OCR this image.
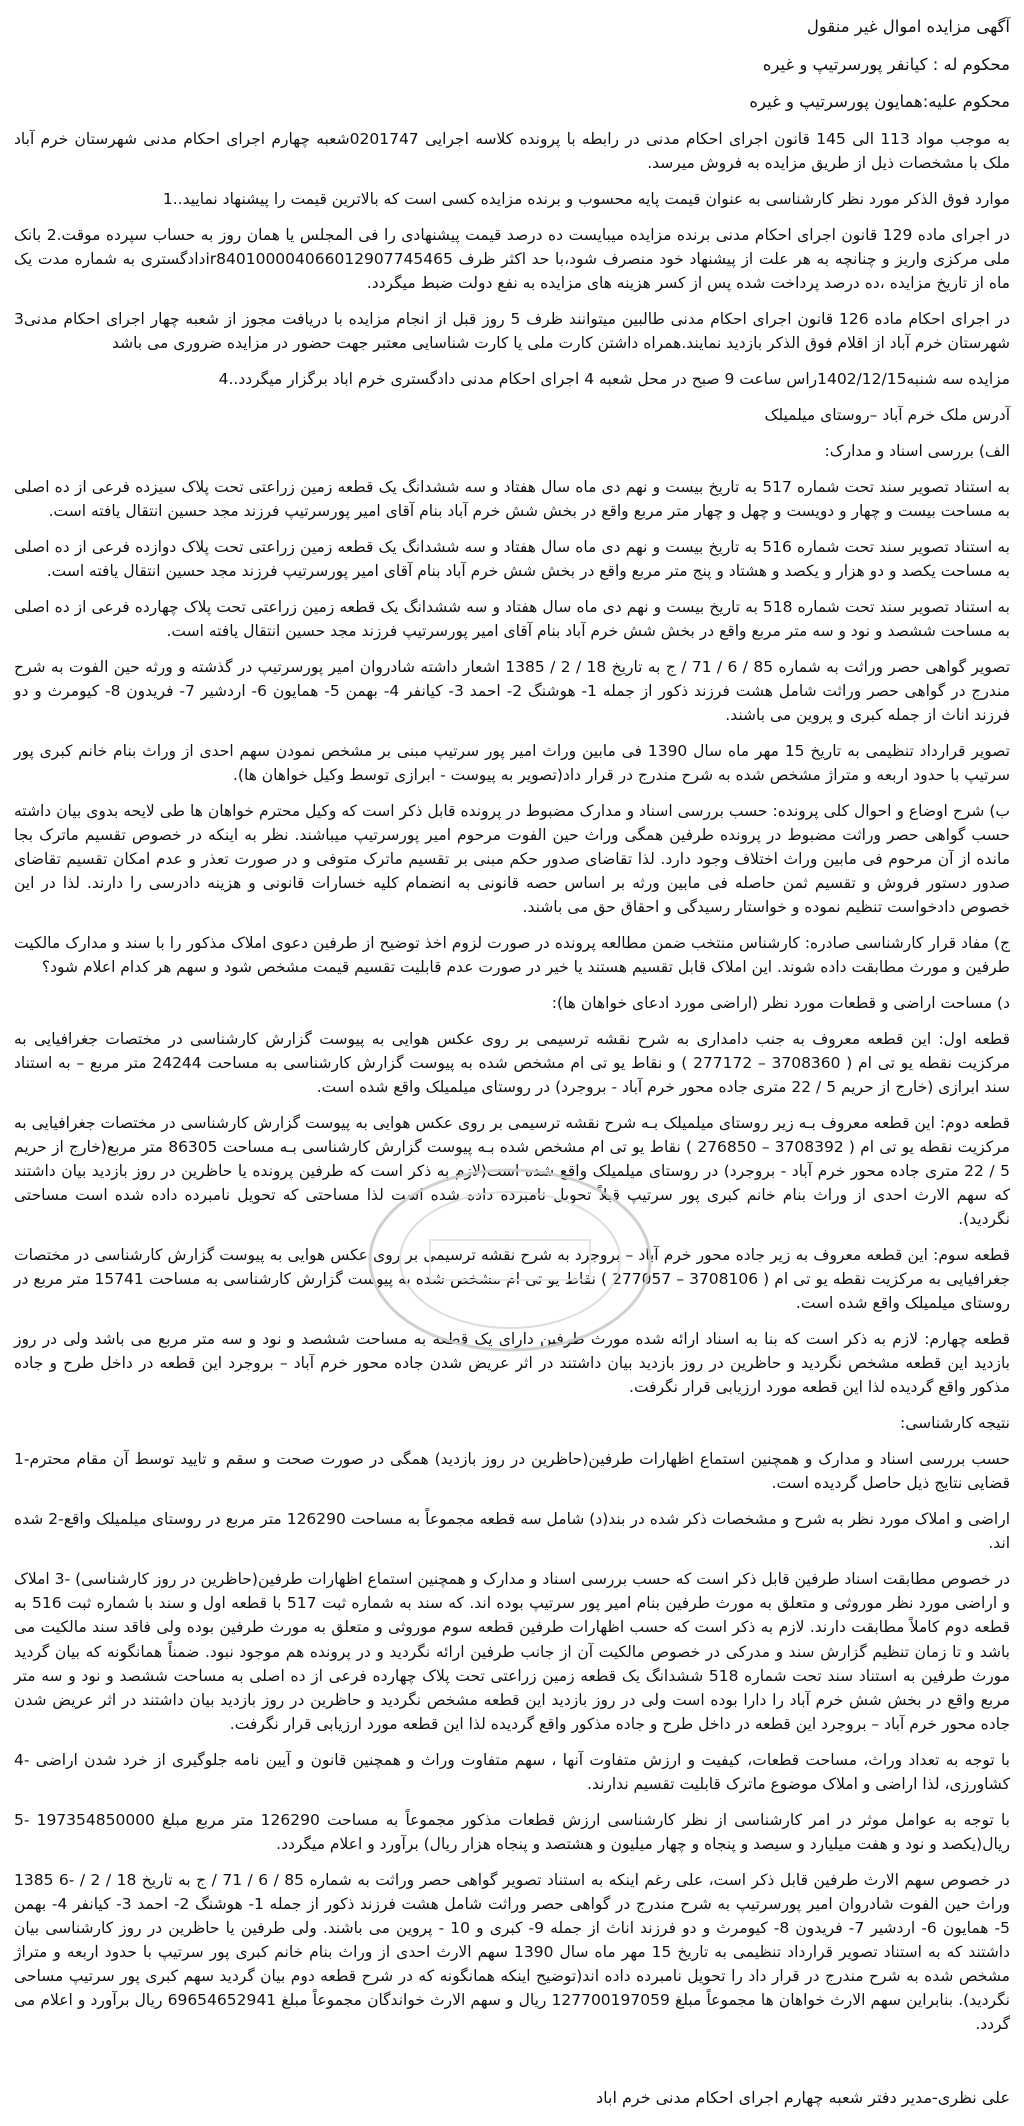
آگهی مزایده اموال غیر منقول

محکوم له : کیانفر پورسرتیپ و غیره

محکوم علیه:همایون پورسرتیپ و غیره

به موجب مواد 113 الی 145 قانون اجرای احکام مدنی در رابطه با پرونده کلاسه اجرایی 0201747شعبه چهارم اجرای احکام مدنی شهرستان خرم آباد ملک با مشخصات ذیل از طریق مزایده به فروش میرسد.

موارد فوق الذکر مورد نظر کارشناسی به عنوان قیمت پایه محسوب و برنده مزایده کسی است که بالاترین قیمت را پیشنهاد نمایید..1

در اجرای ماده 129 قانون اجرای احکام مدنی برنده مزایده میبایست ده درصد قیمت پیشنهادی را فی المجلس یا همان روز به حساب سپرده موقت.2 بانک ملی مرکزی واریز و چنانچه به هر علت از پیشنهاد خود منصرف شود،با حد اکثر ظرف ir840100004066012907745465دادگستری به شماره مدت یک ماه از تاریخ مزایده ،ده درصد پرداخت شده پس از کسر هزینه های مزایده به نفع دولت ضبط میگردد.

در اجرای احکام ماده 126 قانون اجرای احکام مدنی طالبین میتوانند ظرف 5 روز قبل از انجام مزایده با دریافت مجوز از شعبه چهار اجرای احکام مدنی3 شهرستان خرم آباد از اقلام فوق الذکر بازدید نمایند.همراه داشتن کارت ملی یا کارت شناسایی معتبر جهت حضور در مزایده ضروری می باشد

مزایده سه شنبه1402/12/15راس ساعت 9 صبح در محل شعبه 4 اجرای احکام مدنی دادگستری خرم اباد برگزار میگردد..4

آدرس ملک خرم آباد –روستای میلمیلک

الف) بررسی اسناد و مدارک:

به استناد تصویر سند تحت شماره 517 به تاریخ بیست و نهم دی ماه سال هفتاد و سه ششدانگ یک قطعه زمین زراعتی تحت پلاک سیزده فرعی از ده اصلی به مساحت بیست و چهار و دویست و چهل و چهار متر مربع واقع در بخش شش خرم آباد بنام آقای امیر پورسرتیپ فرزند مجد حسین انتقال یافته است.

به استناد تصویر سند تحت شماره 516 به تاریخ بیست و نهم دی ماه سال هفتاد و سه ششدانگ یک قطعه زمین زراعتی تحت پلاک دوازده فرعی از ده اصلی به مساحت یکصد و دو هزار و یکصد و هشتاد و پنج متر مربع واقع در بخش شش خرم آباد بنام آقای امیر پورسرتیپ فرزند مجد حسین انتقال یافته است.

به استناد تصویر سند تحت شماره 518 به تاریخ بیست و نهم دی ماه سال هفتاد و سه ششدانگ یک قطعه زمین زراعتی تحت پلاک چهارده فرعی از ده اصلی به مساحت ششصد و نود و سه متر مربع واقع در بخش شش خرم آباد بنام آقای امیر پورسرتیپ فرزند مجد حسین انتقال یافته است.

تصویر گواهی حصر وراثت به شماره 85 / 6 / 71 / ج به تاریخ 18 / 2 / 1385 اشعار داشته شادروان امیر پورسرتیپ در گذشته و ورثه حین الفوت به شرح مندرج در گواهی حصر وراثت شامل هشت فرزند ذکور از جمله 1- هوشنگ 2- احمد 3- کیانفر 4- بهمن 5- همایون 6- اردشیر 7- فریدون 8- کیومرث و دو فرزند اناث از جمله کبری و پروین می باشند.

تصویر قرارداد تنظیمی به تاریخ 15 مهر ماه سال 1390 فی مابین وراث امیر پور سرتیپ مبنی بر مشخص نمودن سهم احدی از وراث بنام خانم کبری پور سرتیپ با حدود اربعه و متراژ مشخص شده به شرح مندرج در قرار داد(تصویر به پیوست - ابرازی توسط وکیل خواهان ها).

ب) شرح اوضاع و احوال کلی پرونده: حسب بررسی اسناد و مدارک مضبوط در پرونده قابل ذکر است که وکیل محترم خواهان ها طی لایحه بدوی بیان داشته حسب گواهی حصر وراثت مضبوط در پرونده طرفین همگی وراث حین الفوت مرحوم امیر پورسرتیپ میباشند. نظر به اینکه در خصوص تقسیم ماترک بجا مانده از آن مرحوم فی مابین وراث اختلاف وجود دارد. لذا تقاضای صدور حکم مبنی بر تقسیم ماترک متوفی و در صورت تعذر و عدم امکان تقسیم تقاضای صدور دستور فروش و تقسیم ثمن حاصله فی مابین ورثه بر اساس حصه قانونی به انضمام کلیه خسارات قانونی و هزینه دادرسی را دارند. لذا در این خصوص دادخواست تنظیم نموده و خواستار رسیدگی و احقاق حق می باشند.

ج) مفاد قرار کارشناسی صادره: کارشناس منتخب ضمن مطالعه پرونده در صورت لزوم اخذ توضیح از طرفین دعوی املاک مذکور را با سند و مدارک مالکیت طرفین و مورث مطابقت داده شوند. این املاک قابل تقسیم هستند یا خیر در صورت عدم قابلیت تقسیم قیمت مشخص شود و سهم هر کدام اعلام شود؟

د) مساحت اراضی و قطعات مورد نظر (اراضی مورد ادعای خواهان ها):

قطعه اول: این قطعه معروف به جنب دامداری به شرح نقشه ترسیمی بر روی عکس هوایی به پیوست گزارش کارشناسی در مختصات جغرافیایی به مرکزیت نقطه یو تی ام ( 3708360 – 277172 ) و نقاط یو تی ام مشخص شده به پیوست گزارش کارشناسی به مساحت 24244 متر مربع – به استناد سند ابرازی (خارج از حریم 5 / 22 متری جاده محور خرم آباد - بروجرد) در روستای میلمیلک واقع شده است.

قطعه دوم: این قطعه معروف بـه زیر روستای میلمیلک بـه شرح نقشه ترسیمی بر روی عکس هوایی به پیوست گزارش کارشناسی در مختصات جغرافیایی به مرکزیت نقطه یو تی ام ( 3708392 – 276850 ) نقاط یو تی ام مشخص شده بـه پیوست گزارش کارشناسی بـه مساحت 86305 متر مربع(خارج از حریم 5 / 22 متری جاده محور خرم آباد - بروجرد) در روستای میلمیلک واقع شده است(لازم به ذکر است که طرفین پرونده یا حاظرین در روز بازدید بیان داشتند که سهم الارث احدی از وراث بنام خانم کبری پور سرتیپ قبلاً تحویل نامبرده داده شده است لذا مساحتی که تحویل نامبرده داده شده است مساحتی نگردید).

قطعه سوم: این قطعه معروف به زیر جاده محور خرم آباد – بروجرد به شرح نقشه ترسیمی بر روی عکس هوایی به پیوست گزارش کارشناسی در مختصات جغرافیایی به مرکزیت نقطه یو تی ام ( 3708106 – 277057 ) نقاط یو تی ام مشخص شده به پیوست گزارش کارشناسی به مساحت 15741 متر مربع در روستای میلمیلک واقع شده است.

قطعه چهارم: لازم به ذکر است که بنا به اسناد ارائه شده مورث طرفین دارای یک قطعه به مساحت ششصد و نود و سه متر مربع می باشد ولی در روز بازدید این قطعه مشخص نگردید و حاظرین در روز بازدید بیان داشتند در اثر عریض شدن جاده محور خرم آباد – بروجرد این قطعه در داخل طرح و جاده مذکور واقع گردیده لذا این قطعه مورد ارزیابی قرار نگرفت.

نتیجه کارشناسی:

حسب بررسی اسناد و مدارک و همچنین استماع اظهارات طرفین(حاظرین در روز بازدید) همگی در صورت صحت و سقم و تایید توسط آن مقام محترم-1 قضایی نتایج ذیل حاصل گردیده است.

اراضی و املاک مورد نظر به شرح و مشخصات ذکر شده در بند(د) شامل سه قطعه مجموعاً به مساحت 126290 متر مربع در روستای میلمیلک واقع-2 شده اند.

در خصوص مطابقت اسناد طرفین قابل ذکر است که حسب بررسی اسناد و مدارک و همچنین استماع اظهارات طرفین(حاظرین در روز کارشناسی) -3 املاک و اراضی مورد نظر موروثی و متعلق به مورث طرفین بنام امیر پور سرتیپ بوده اند. که سند به شماره ثبت 517 با قطعه اول و سند با شماره ثبت 516 به قطعه دوم کاملاً مطابقت دارند. لازم به ذکر است که حسب اظهارات طرفین قطعه سوم موروثی و متعلق به مورث طرفین بوده ولی فاقد سند مالکیت می باشد و تا زمان تنظیم گزارش سند و مدرکی در خصوص مالکیت آن از جانب طرفین ارائه نگردید و در پرونده هم موجود نبود. ضمناً همانگونه که بیان گردید مورث طرفین به استناد سند تحت شماره 518 ششدانگ یک قطعه زمین زراعتی تحت پلاک چهارده فرعی از ده اصلی به مساحت ششصد و نود و سه متر مربع واقع در بخش شش خرم آباد را دارا بوده است ولی در روز بازدید این قطعه مشخص نگردید و حاظرین در روز بازدید بیان داشتند در اثر عریض شدن جاده محور خرم آباد – بروجرد این قطعه در داخل طرح و جاده مذکور واقع گردیده لذا این قطعه مورد ارزیابی قرار نگرفت.

با توجه به تعداد وراث، مساحت قطعات، کیفیت و ارزش متفاوت آنها ، سهم متفاوت وراث و همچنین قانون و آیین نامه جلوگیری از خرد شدن اراضی -4 کشاورزی، لذا اراضی و املاک موضوع ماترک قابلیت تقسیم ندارند.

با توجه به عوامل موثر در امر کارشناسی از نظر کارشناسی ارزش قطعات مذکور مجموعاً به مساحت 126290 متر مربع مبلغ 197354850000 -5 ریال(یکصد و نود و هفت میلیارد و سیصد و پنجاه و چهار میلیون و هشتصد و پنجاه هزار ریال) برآورد و اعلام میگردد.

در خصوص سهم الارث طرفین قابل ذکر است، علی رغم اینکه به استناد تصویر گواهی حصر وراثت به شماره 85 / 6 / 71 / ج به تاریخ 18 / 2 / -6 1385 وراث حین الفوت شادروان امیر پورسرتیپ به شرح مندرج در گواهی حصر وراثت شامل هشت فرزند ذکور از جمله 1- هوشنگ 2- احمد 3- کیانفر 4- بهمن 5- همایون 6- اردشیر 7- فریدون 8- کیومرث و دو فرزند اناث از جمله 9- کبری و 10 - پروین می باشند. ولی طرفین یا حاظرین در روز کارشناسی بیان داشتند که به استناد تصویر قرارداد تنظیمی به تاریخ 15 مهر ماه سال 1390 سهم الارث احدی از وراث بنام خانم کبری پور سرتیپ با حدود اربعه و متراژ مشخص شده به شرح مندرج در قرار داد را تحویل نامبرده داده اند(توضیح اینکه همانگونه که در شرح قطعه دوم بیان گردید سهم کبری پور سرتیپ مساحی نگردید). بنابراین سهم الارث خواهان ها مجموعاً مبلغ 127700197059 ریال و سهم الارث خواندگان مجموعاً مبلغ 69654652941 ریال برآورد و اعلام می گردد.

علی نظری-مدیر دفتر شعبه چهارم اجرای احکام مدنی خرم اباد
